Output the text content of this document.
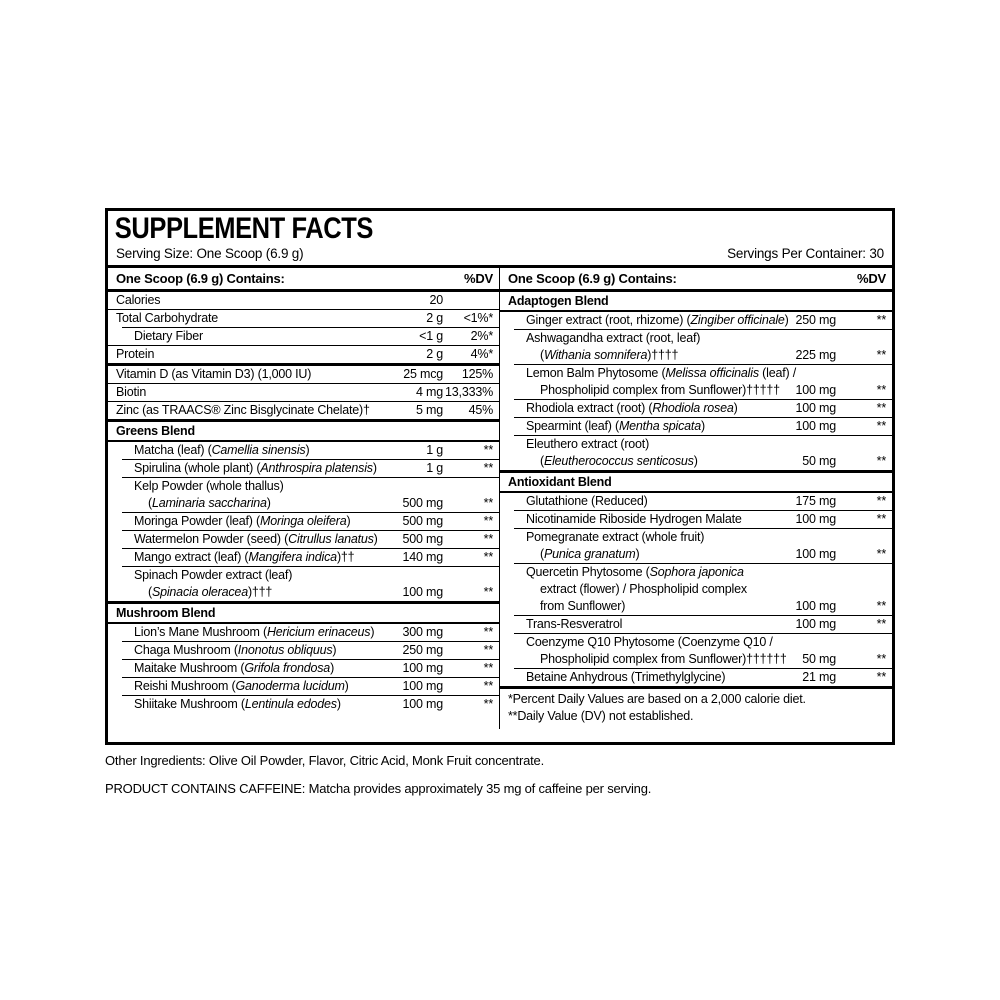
SUPPLEMENT FACTS
Serving Size: One Scoop (6.9 g)	Servings Per Container: 30
One Scoop (6.9 g) Contains:	%DV
Calories	20
Total Carbohydrate	2 g	<1%*
Dietary Fiber	<1 g	2%*
Protein	2 g	4%*
Vitamin D (as Vitamin D3) (1,000 IU)	25 mcg	125%
Biotin	4 mg 13,333%
Zinc (as TRAACS® Zinc Bisglycinate Chelate)†	5 mg	45%
Greens Blend
Matcha (leaf) (Camellia sinensis)	1 g	**
Spirulina (whole plant) (Anthrospira platensis)	1 g	**
Kelp Powder (whole thallus)
(Laminaria saccharina)	500 mg	**
Moringa Powder (leaf) (Moringa oleifera)	500 mg	**
Watermelon Powder (seed) (Citrullus lanatus)	500 mg	**
Mango extract (leaf) (Mangifera indica)††	140 mg	**
Spinach Powder extract (leaf)
(Spinacia oleracea)†††	100 mg	**
Mushroom Blend
Lion’s Mane Mushroom (Hericium erinaceus)	300 mg	**
Chaga Mushroom (Inonotus obliquus)	250 mg	**
Maitake Mushroom (Grifola frondosa)	100 mg	**
Reishi Mushroom (Ganoderma lucidum)	100 mg	**
Shiitake Mushroom (Lentinula edodes)	100 mg	**
One Scoop (6.9 g) Contains:	%DV
Adaptogen Blend
Ginger extract (root, rhizome) (Zingiber officinale) 250 mg	**
Ashwagandha extract (root, leaf)
(Withania somnifera)††††	225 mg	**
Lemon Balm Phytosome (Melissa officinalis (leaf) /
Phospholipid complex from Sunflower)†††††	100 mg	**
Rhodiola extract (root) (Rhodiola rosea)	100 mg	**
Spearmint (leaf) (Mentha spicata)	100 mg	**
Eleuthero extract (root)
(Eleutherococcus senticosus)	50 mg	**
Antioxidant Blend
Glutathione (Reduced)	175 mg	**
Nicotinamide Riboside Hydrogen Malate	100 mg	**
Pomegranate extract (whole fruit)
(Punica granatum)	100 mg	**
Quercetin Phytosome (Sophora japonica
extract (flower) / Phospholipid complex
from Sunflower)	100 mg	**
Trans-Resveratrol	100 mg	**
Coenzyme Q10 Phytosome (Coenzyme Q10 /
Phospholipid complex from Sunflower)††††††	50 mg	**
Betaine Anhydrous (Trimethylglycine)	21 mg	**
*Percent Daily Values are based on a 2,000 calorie diet.
**Daily Value (DV) not established.
Other Ingredients: Olive Oil Powder, Flavor, Citric Acid, Monk Fruit concentrate.
PRODUCT CONTAINS CAFFEINE: Matcha provides approximately 35 mg of caffeine per serving.
